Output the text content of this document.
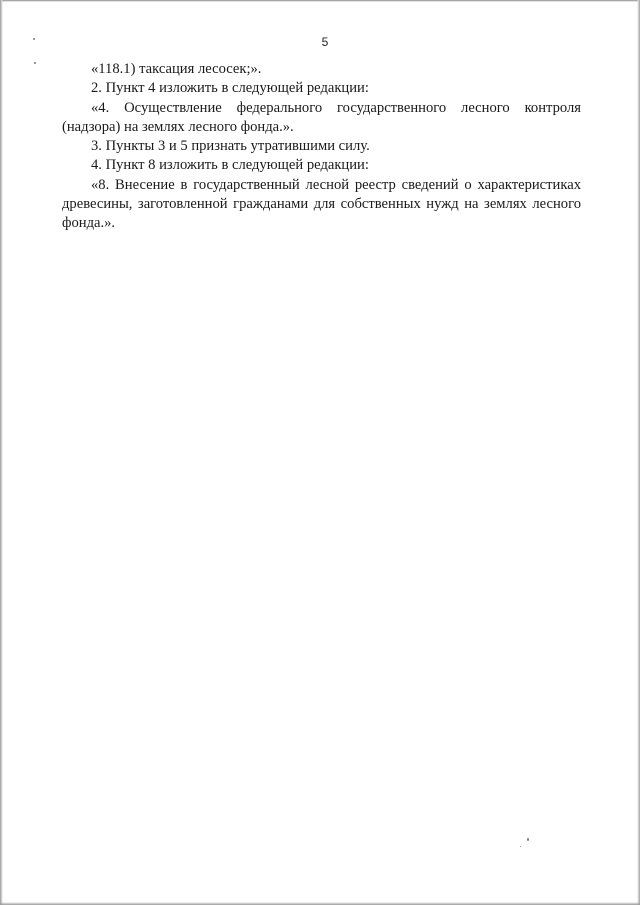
5

«118.1) таксация лесосек;».

2. Пункт 4 изложить в следующей редакции:

«4. Осуществление федерального государственного лесного контроля (надзора) на землях лесного фонда.».

3. Пункты 3 и 5 признать утратившими силу.

4. Пункт 8 изложить в следующей редакции:

«8. Внесение в государственный лесной реестр сведений о характеристиках древесины, заготовленной гражданами для собственных нужд на землях лесного фонда.».
